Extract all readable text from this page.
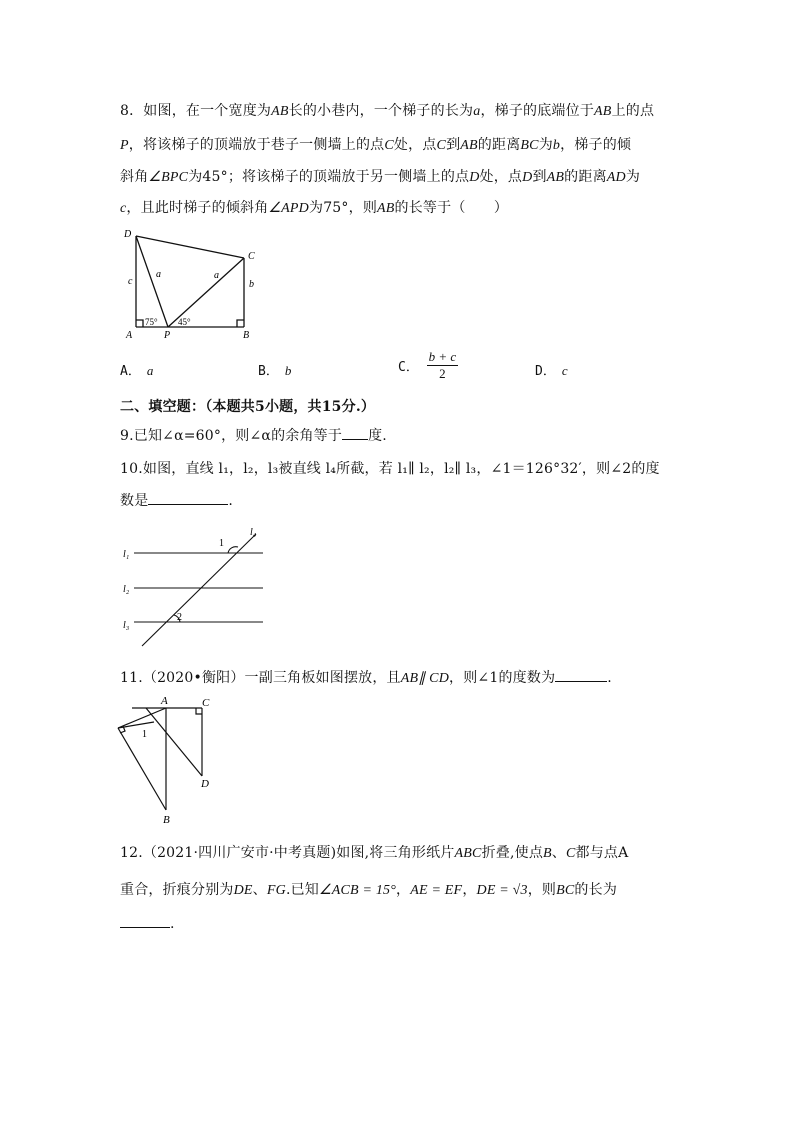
8．如图，在一个宽度为AB长的小巷内，一个梯子的长为a，梯子的底端位于AB上的点
P，将该梯子的顶端放于巷子一侧墙上的点C处，点C到AB的距离BC为b，梯子的倾
斜角∠BPC为45°；将该梯子的顶端放于另一侧墙上的点D处，点D到AB的距离AD为
c，且此时梯子的倾斜角∠APD为75°，则AB的长等于（　　）
D
C
A	P	B
c
a	a
b
75° 45°
A． a	B． b	C． $\frac{b + c}{2}$	D． c
二、填空题：（本题共5小题，共15分.）
9.已知∠α=60°，则∠α的余角等于 度.
10.如图，直线 l₁，l₂，l₃被直线 l₄所截，若 l₁∥ l₂，l₂∥ l₃，∠1＝126°32′，则∠2的度
数是	.
l₁
l₂
l₃
l₄
1
2
11.（2020•衡阳）一副三角板如图摆放，且AB∥ CD，则∠1的度数为	.
A	C
D
B
1
12.（2021·四川广安市·中考真题)如图,将三角形纸片ABC折叠,使点B、C都与点A
重合，折痕分别为DE、FG.已知∠ACB = 15°，AE = EF，DE = √3，则BC的长为
.
